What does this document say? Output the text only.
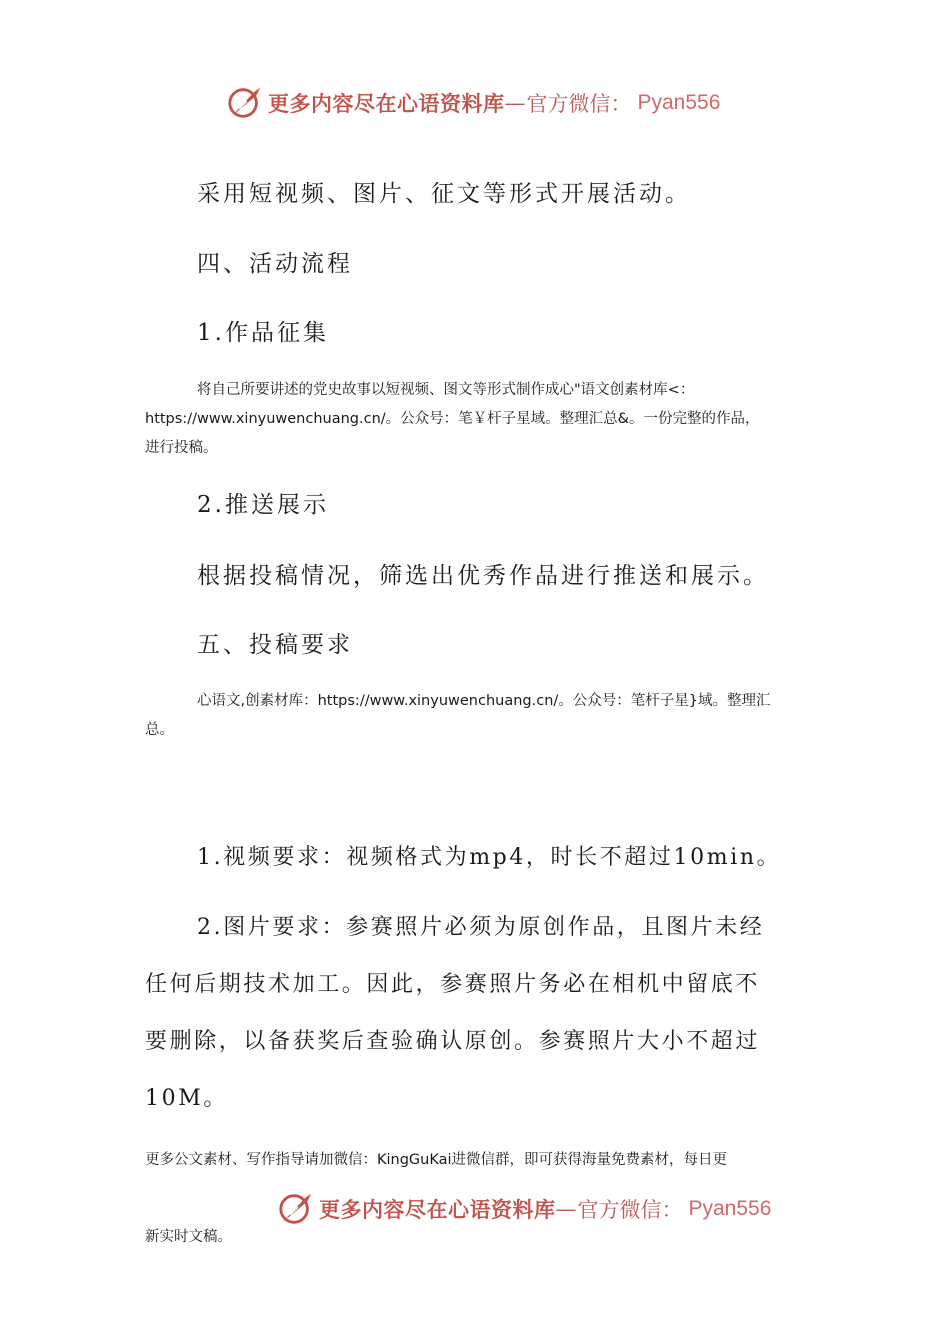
更多内容尽在心语资料库 — 官方微信： Pyan556
采用短视频、图片、征文等形式开展活动。
四、活动流程
1.作品征集
将自己所要讲述的党史故事以短视频、图文等形式制作成心"语文创素材库<：
https://www.xinyuwenchuang.cn/。公众号：笔￥杆子星域。整理汇总&。一份完整的作品，
进行投稿。
2.推送展示
根据投稿情况，筛选出优秀作品进行推送和展示。
五、投稿要求
心语文,创素材库：https://www.xinyuwenchuang.cn/。公众号：笔杆子星}域。整理汇
总。
1.视频要求：视频格式为mp4，时长不超过10min。
2.图片要求：参赛照片必须为原创作品，且图片未经
任何后期技术加工。因此，参赛照片务必在相机中留底不
要删除，以备获奖后查验确认原创。参赛照片大小不超过
10M。
更多公文素材、写作指导请加微信：KingGuKai进微信群，即可获得海量免费素材，每日更
更多内容尽在心语资料库 — 官方微信： Pyan556
新实时文稿。
